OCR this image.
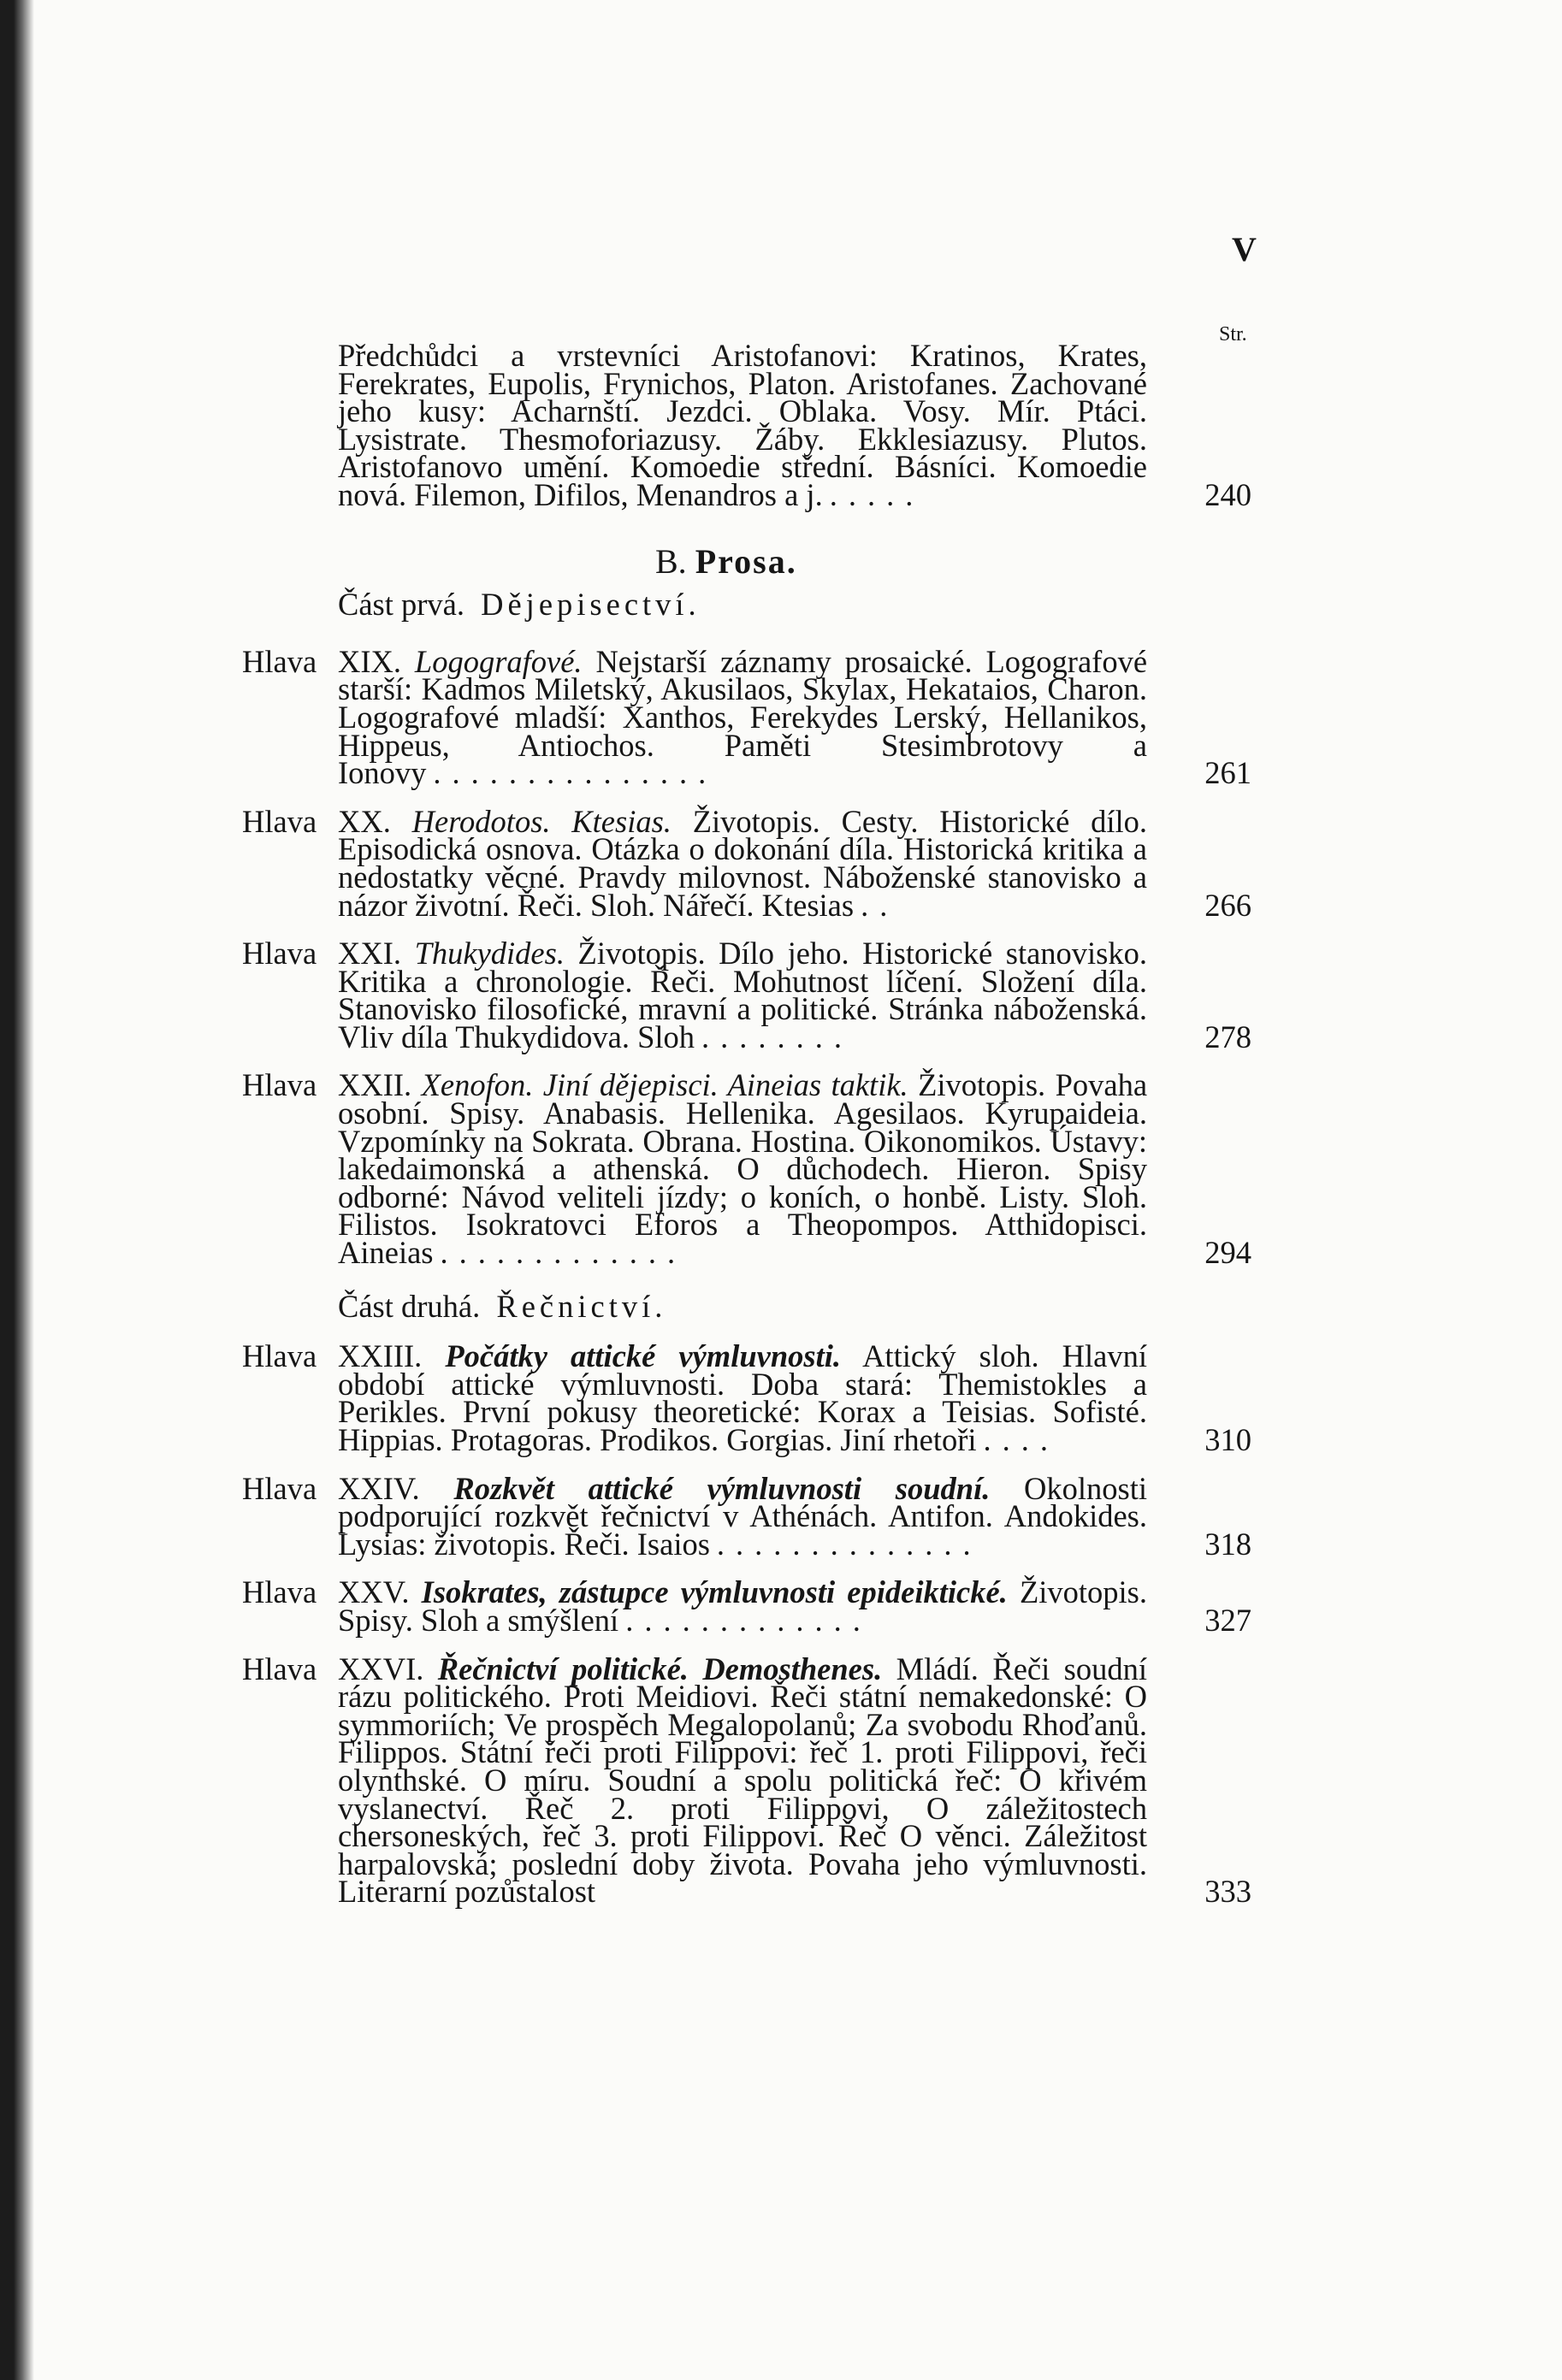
V
Str.
Předchůdci a vrstevníci Aristofanovi: Kratinos, Krates, Ferekrates, Eupolis, Frynichos, Platon. Aristofanes. Zachované jeho kusy: Acharnští. Jezdci. Oblaka. Vosy. Mír. Ptáci. Lysistrate. Thesmoforiazusy. Žáby. Ekklesiazusy. Plutos. Aristofanovo umění. Komoedie střední. Básníci. Komoedie nová. Filemon, Difilos, Menandros a j. .....	240
B. Prosa.
Část prvá. Dějepisectví.
Hlava XIX. Logografové. Nejstarší záznamy prosaické. Logografové starší: Kadmos Miletský, Akusilaos, Skylax, Hekataios, Charon. Logografové mladší: Xanthos, Ferekydes Lerský, Hellanikos, Hippeus, Antiochos. Paměti Stesimbrotovy a Ionovy ...............	261
Hlava XX. Herodotos. Ktesias. Životopis. Cesty. Historické dílo. Episodická osnova. Otázka o dokonání díla. Historická kritika a nedostatky věcné. Pravdy milovnost. Náboženské stanovisko a názor životní. Řeči. Sloh. Nářečí. Ktesias ..	266
Hlava XXI. Thukydides. Životopis. Dílo jeho. Historické stanovisko. Kritika a chronologie. Řeči. Mohutnost líčení. Složení díla. Stanovisko filosofické, mravní a politické. Stránka náboženská. Vliv díla Thukydidova. Sloh ........	278
Hlava XXII. Xenofon. Jiní dějepisci. Aineias taktik. Životopis. Povaha osobní. Spisy. Anabasis. Hellenika. Agesilaos. Kyrupaideia. Vzpomínky na Sokrata. Obrana. Hostina. Oikonomikos. Ústavy: lakedaimonská a athenská. O důchodech. Hieron. Spisy odborné: Návod veliteli jízdy; o koních, o honbě. Listy. Sloh. Filistos. Isokratovci Eforos a Theopompos. Atthidopisci. Aineias .............	294
Část druhá. Řečnictví.
Hlava XXIII. Počátky attické výmluvnosti. Attický sloh. Hlavní období attické výmluvnosti. Doba stará: Themistokles a Perikles. První pokusy theoretické: Korax a Teisias. Sofisté. Hippias. Protagoras. Prodikos. Gorgias. Jiní rhetoři ....	310
Hlava XXIV. Rozkvět attické výmluvnosti soudní. Okolnosti podporující rozkvět řečnictví v Athénách. Antifon. Andokides. Lysias: životopis. Řeči. Isaios ..............	318
Hlava XXV. Isokrates, zástupce výmluvnosti epideiktické. Životopis. Spisy. Sloh a smýšlení .............	327
Hlava XXVI. Řečnictví politické. Demosthenes. Mládí. Řeči soudní rázu politického. Proti Meidiovi. Řeči státní nemakedonské: O symmoriích; Ve prospěch Megalopolanů; Za svobodu Rhoďanů. Filippos. Státní řeči proti Filippovi: řeč 1. proti Filippovi, řeči olynthské. O míru. Soudní a spolu politická řeč: O křivém vyslanectví. Řeč 2. proti Filippovi, O záležitostech chersoneských, řeč 3. proti Filippovi. Řeč O věnci. Záležitost harpalovská; poslední doby života. Povaha jeho výmluvnosti. Literarní pozůstalost	333
